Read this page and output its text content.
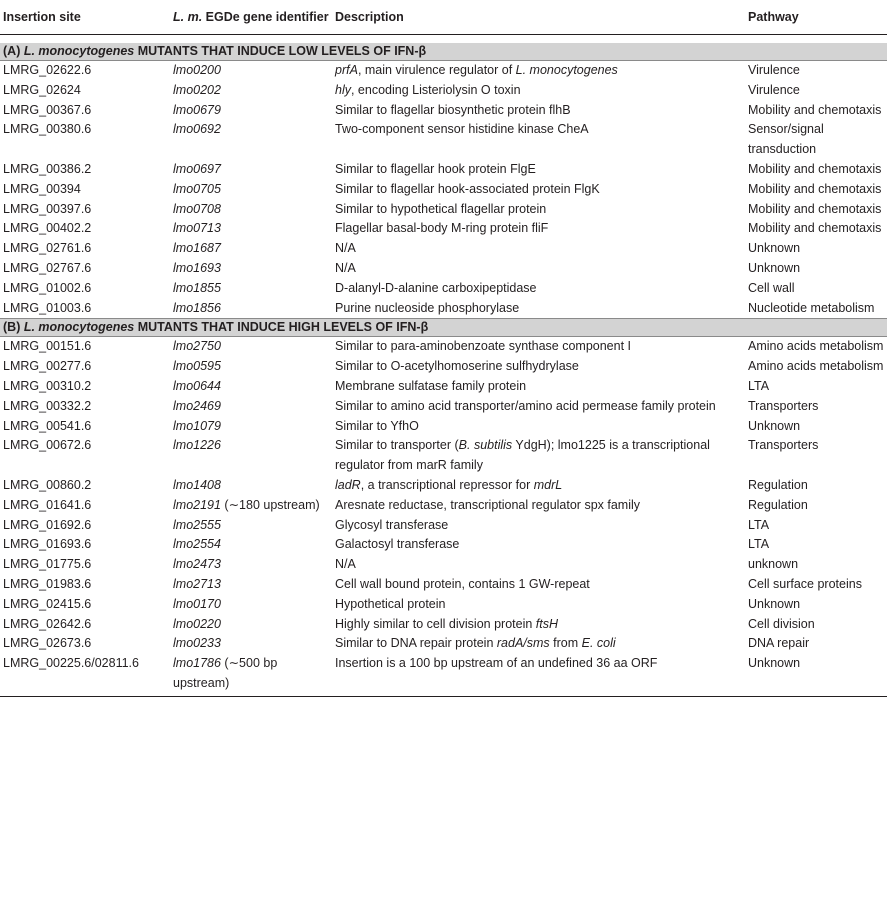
Insertion site	L. m. EGDe gene identifier	Description	Pathway

(A) L. monocytogenes MUTANTS THAT INDUCE LOW LEVELS OF IFN-β			
LMRG_02622.6	lmo0200	prfA, main virulence regulator of L. monocytogenes	Virulence
LMRG_02624	lmo0202	hly, encoding Listeriolysin O toxin	Virulence
LMRG_00367.6	lmo0679	Similar to flagellar biosynthetic protein flhB	Mobility and chemotaxis
LMRG_00380.6	lmo0692	Two-component sensor histidine kinase CheA	Sensor/signal transduction
LMRG_00386.2	lmo0697	Similar to flagellar hook protein FlgE	Mobility and chemotaxis
LMRG_00394	lmo0705	Similar to flagellar hook-associated protein FlgK	Mobility and chemotaxis
LMRG_00397.6	lmo0708	Similar to hypothetical flagellar protein	Mobility and chemotaxis
LMRG_00402.2	lmo0713	Flagellar basal-body M-ring protein fliF	Mobility and chemotaxis
LMRG_02761.6	lmo1687	N/A	Unknown
LMRG_02767.6	lmo1693	N/A	Unknown
LMRG_01002.6	lmo1855	D-alanyl-D-alanine carboxipeptidase	Cell wall
LMRG_01003.6	lmo1856	Purine nucleoside phosphorylase	Nucleotide metabolism
(B) L. monocytogenes MUTANTS THAT INDUCE HIGH LEVELS OF IFN-β			
LMRG_00151.6	lmo2750	Similar to para-aminobenzoate synthase component I	Amino acids metabolism
LMRG_00277.6	lmo0595	Similar to O-acetylhomoserine sulfhydrylase	Amino acids metabolism
LMRG_00310.2	lmo0644	Membrane sulfatase family protein	LTA
LMRG_00332.2	lmo2469	Similar to amino acid transporter/amino acid permease family protein	Transporters
LMRG_00541.6	lmo1079	Similar to YfhO	Unknown
LMRG_00672.6	lmo1226	Similar to transporter (B. subtilis YdgH); lmo1225 is a transcriptional regulator from marR family	Transporters
LMRG_00860.2	lmo1408	ladR, a transcriptional repressor for mdrL	Regulation
LMRG_01641.6	lmo2191 (∼180 upstream)	Aresnate reductase, transcriptional regulator spx family	Regulation
LMRG_01692.6	lmo2555	Glycosyl transferase	LTA
LMRG_01693.6	lmo2554	Galactosyl transferase	LTA
LMRG_01775.6	lmo2473	N/A	unknown
LMRG_01983.6	lmo2713	Cell wall bound protein, contains 1 GW-repeat	Cell surface proteins
LMRG_02415.6	lmo0170	Hypothetical protein	Unknown
LMRG_02642.6	lmo0220	Highly similar to cell division protein ftsH	Cell division
LMRG_02673.6	lmo0233	Similar to DNA repair protein radA/sms from E. coli	DNA repair
LMRG_00225.6/02811.6	lmo1786 (∼500 bp upstream)	Insertion is a 100 bp upstream of an undefined 36 aa ORF	Unknown
